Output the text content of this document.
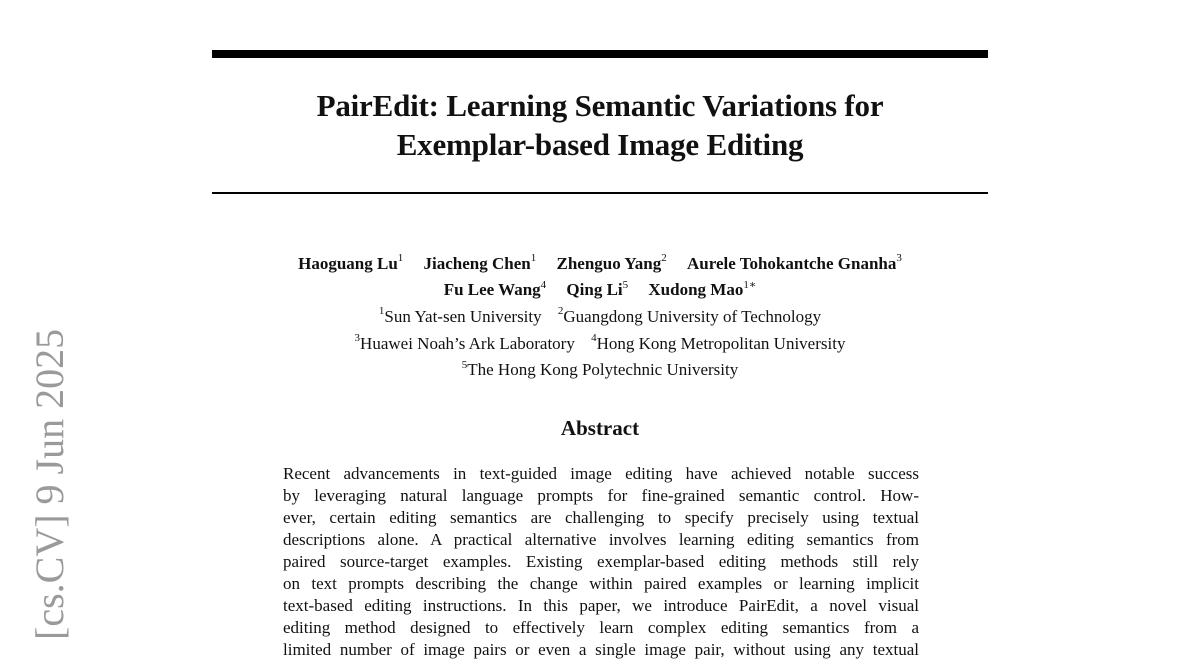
PairEdit: Learning Semantic Variations for
Exemplar-based Image Editing
Haoguang Lu$^1$ Jiacheng Chen$^1$ Zhenguo Yang$^2$ Aurele Tohokantche Gnanha$^3$
Fu Lee Wang$^4$ Qing Li$^5$ Xudong Mao$^{1∗}$
$^1$Sun Yat-sen University $^2$Guangdong University of Technology
$^3$Huawei Noah’s Ark Laboratory $^4$Hong Kong Metropolitan University
$^5$The Hong Kong Polytechnic University
Abstract
Recent advancements in text-guided image editing have achieved notable success
by leveraging natural language prompts for fine-grained semantic control. How-
ever, certain editing semantics are challenging to specify precisely using textual
descriptions alone. A practical alternative involves learning editing semantics from
paired source-target examples. Existing exemplar-based editing methods still rely
on text prompts describing the change within paired examples or learning implicit
text-based editing instructions. In this paper, we introduce PairEdit, a novel visual
editing method designed to effectively learn complex editing semantics from a
limited number of image pairs or even a single image pair, without using any textual
[cs.CV] 9 Jun 2025
